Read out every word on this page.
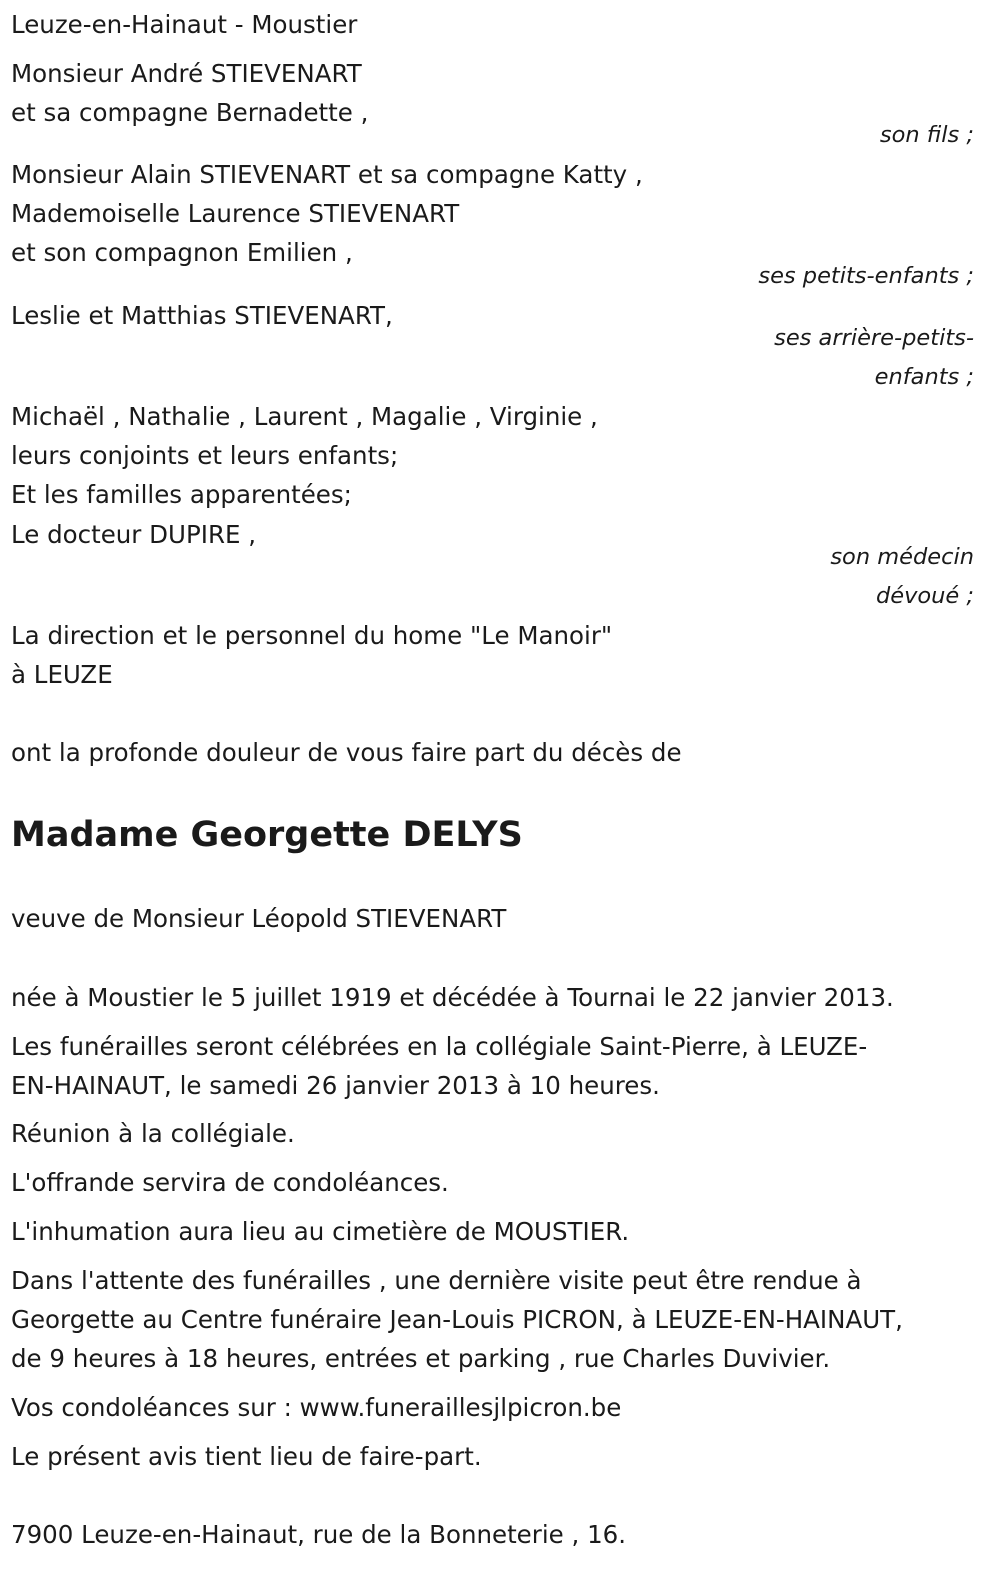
Leuze-en-Hainaut - Moustier

Monsieur André STIEVENART

et sa compagne Bernadette ,

son fils ;

Monsieur Alain STIEVENART et sa compagne Katty ,

Mademoiselle Laurence STIEVENART

et son compagnon Emilien ,

ses petits-enfants ;

Leslie et Matthias STIEVENART,

ses arrière-petits-

enfants ;

Michaël , Nathalie , Laurent , Magalie , Virginie ,

leurs conjoints et leurs enfants;

Et les familles apparentées;

Le docteur DUPIRE ,

son médecin

dévoué ;

La direction et le personnel du home "Le Manoir"

à LEUZE

ont la profonde douleur de vous faire part du décès de

Madame Georgette DELYS

veuve de Monsieur Léopold STIEVENART

née à Moustier le 5 juillet 1919 et décédée à Tournai le 22 janvier 2013.

Les funérailles seront célébrées en la collégiale Saint-Pierre, à LEUZE-

EN-HAINAUT, le samedi 26 janvier 2013 à 10 heures.

Réunion à la collégiale.

L'offrande servira de condoléances.

L'inhumation aura lieu au cimetière de MOUSTIER.

Dans l'attente des funérailles , une dernière visite peut être rendue à

Georgette au Centre funéraire Jean-Louis PICRON, à LEUZE-EN-HAINAUT,

de 9 heures à 18 heures, entrées et parking , rue Charles Duvivier.

Vos condoléances sur : www.funeraillesjlpicron.be

Le présent avis tient lieu de faire-part.

7900 Leuze-en-Hainaut, rue de la Bonneterie , 16.
